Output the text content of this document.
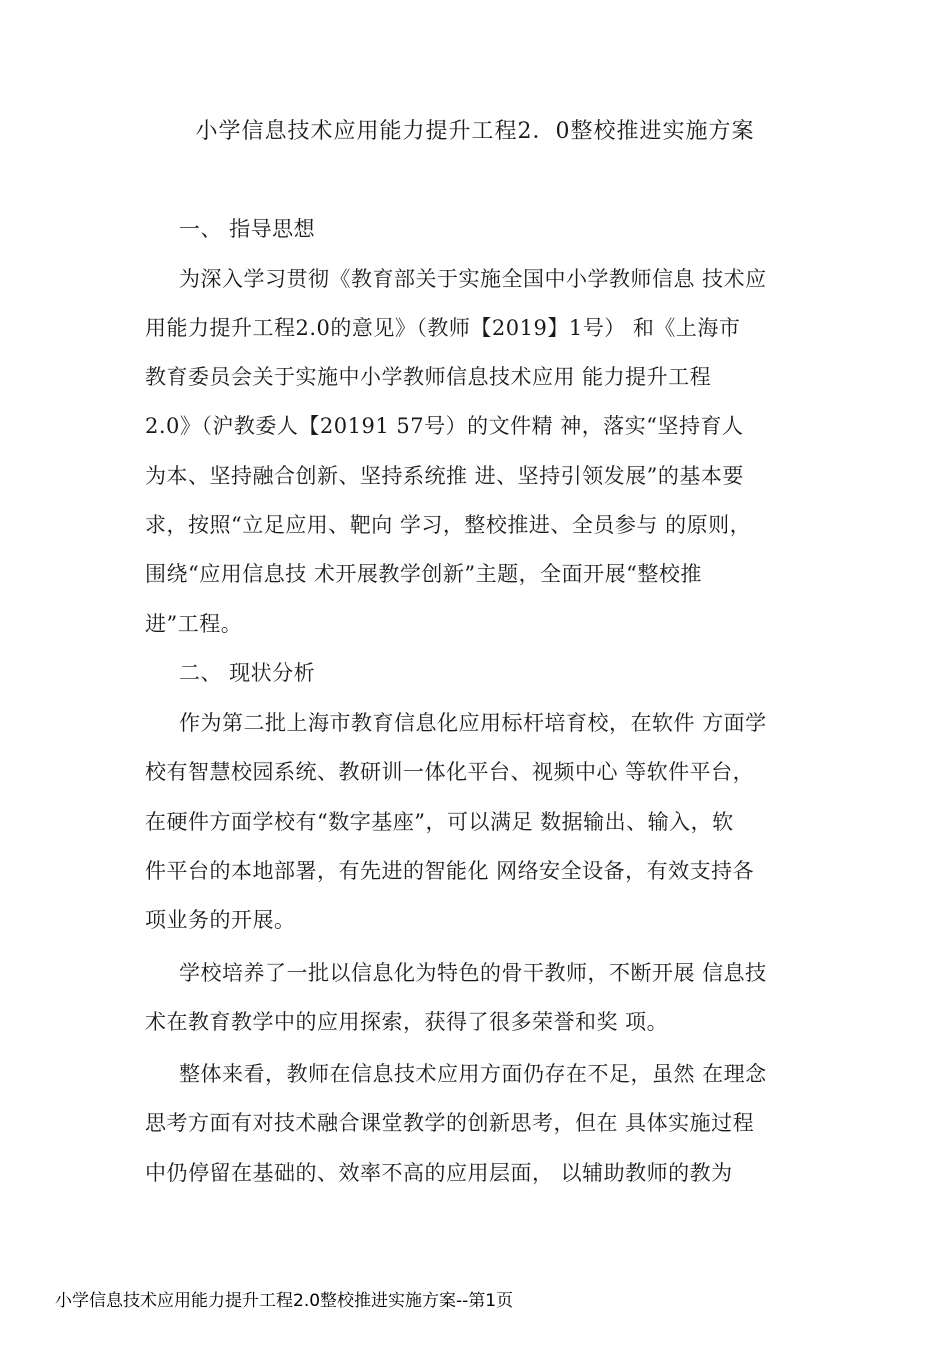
小学信息技术应用能力提升工程2．0整校推进实施方案
一、 指导思想
为深入学习贯彻《教育部关于实施全国中小学教师信息 技术应
用能力提升工程2.0的意见》（教师【2019】1号） 和《上海市
教育委员会关于实施中小学教师信息技术应用 能力提升工程
2.0》（沪教委人【20191 57号）的文件精 神，落实“坚持育人
为本、坚持融合创新、坚持系统推 进、坚持引领发展”的基本要
求，按照“立足应用、靶向 学习，整校推进、全员参与 的原则，
围绕“应用信息技 术开展教学创新”主题，全面开展“整校推
进”工程。
二、 现状分析
作为第二批上海市教育信息化应用标杆培育校，在软件 方面学
校有智慧校园系统、教研训一体化平台、视频中心 等软件平台，
在硬件方面学校有“数字基座”，可以满足 数据输出、输入，软
件平台的本地部署，有先进的智能化 网络安全设备，有效支持各
项业务的开展。
学校培养了一批以信息化为特色的骨干教师，不断开展 信息技
术在教育教学中的应用探索，获得了很多荣誉和奖 项。
整体来看，教师在信息技术应用方面仍存在不足，虽然 在理念
思考方面有对技术融合课堂教学的创新思考，但在 具体实施过程
中仍停留在基础的、效率不高的应用层面， 以辅助教师的教为
小学信息技术应用能力提升工程2.0整校推进实施方案--第1页
